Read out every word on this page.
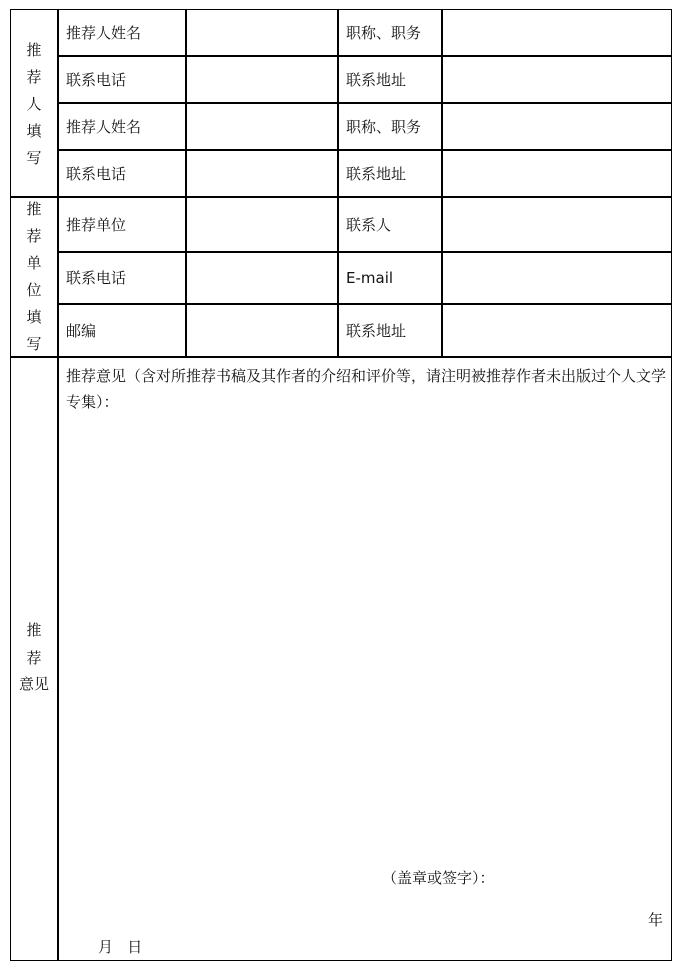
推
荐
人
填
写
推荐人姓名	职称、职务
联系电话	联系地址
推荐人姓名	职称、职务
联系电话	联系地址
推
荐
单
位
填
写
推荐单位	联系人
联系电话	E-mail
邮编	联系地址
推
荐
意见
推荐意见（含对所推荐书稿及其作者的介绍和评价等，请注明被推荐作者未出版过个人文学专集）：
（盖章或签字）：
年
月   日
